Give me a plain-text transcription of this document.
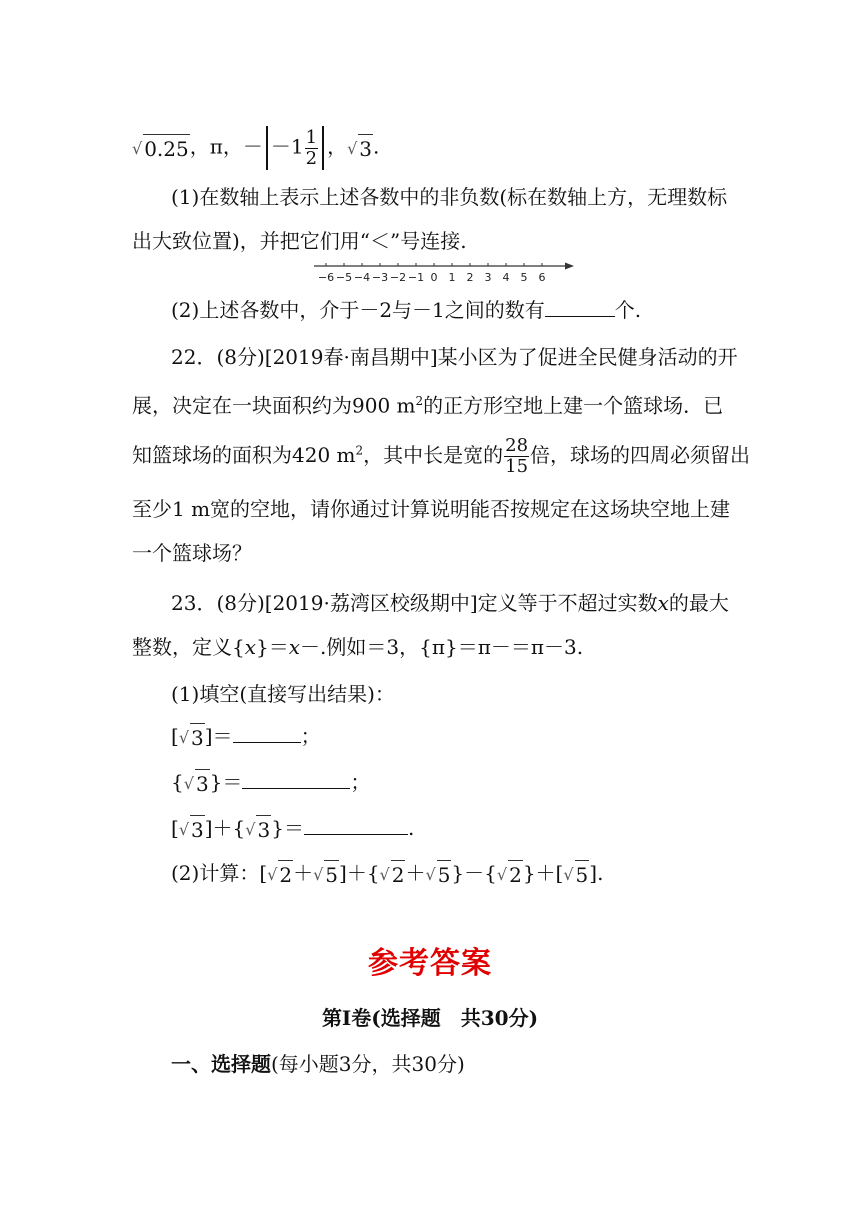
√ 0.25 ，π，－ $-1 \frac{1}{2}$ ， √ 3 .
(1)在数轴上表示上述各数中的非负数(标在数轴上方，无理数标
出大致位置)，并把它们用“＜”号连接.
−6 −5 −4 −3 −2 −1 0 1 2 3 4 5 6
(2)上述各数中，介于－2与－1之间的数有	个.
22．(8分)[2019春·南昌期中]某小区为了促进全民健身活动的开
展，决定在一块面积约为900 $m^2$的正方形空地上建一个篮球场．已
知篮球场的面积为420 $m^2$，其中长是宽的 $\frac{28}{15}$ 倍，球场的四周必须留出
至少1 m宽的空地，请你通过计算说明能否按规定在这场块空地上建
一个篮球场？
23．(8分)[2019·荔湾区校级期中]定义等于不超过实数x的最大
整数，定义{x}＝x－.例如＝3，{π}＝π－＝π－3.
(1)填空(直接写出结果)：
[ √ 3 ]＝	；
{ √ 3 }＝	；
[ √ 3 ]＋{ √ 3 }＝	.
(2)计算：[ √ 2 ＋ √ 5 ]＋{ √ 2 ＋ √ 5 }－{ √ 2 }＋[ √ 5 ].
参考答案
第Ⅰ卷(选择题　共30分)
一、选择题(每小题3分，共30分)
